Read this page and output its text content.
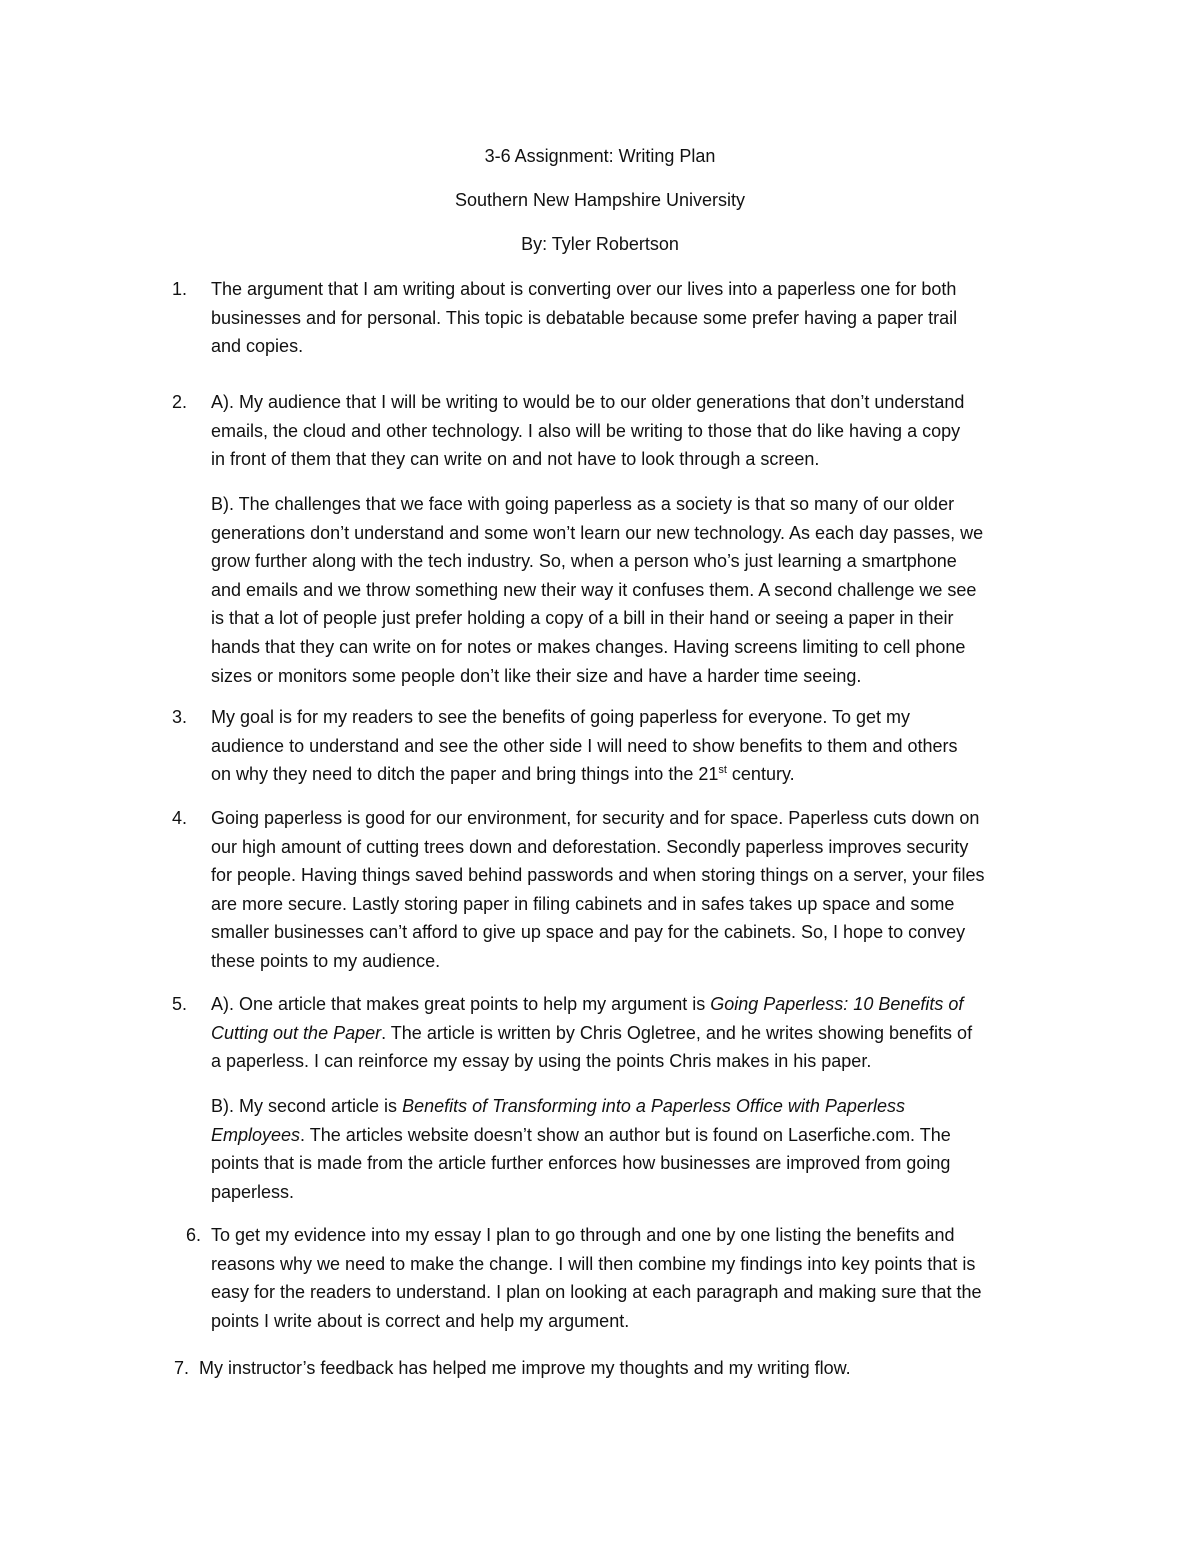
3-6 Assignment: Writing Plan
Southern New Hampshire University
By: Tyler Robertson
1. The argument that I am writing about is converting over our lives into a paperless one for both
businesses and for personal. This topic is debatable because some prefer having a paper trail
and copies.
2. A). My audience that I will be writing to would be to our older generations that don’t understand
emails, the cloud and other technology. I also will be writing to those that do like having a copy
in front of them that they can write on and not have to look through a screen.
B). The challenges that we face with going paperless as a society is that so many of our older
generations don’t understand and some won’t learn our new technology. As each day passes, we
grow further along with the tech industry. So, when a person who’s just learning a smartphone
and emails and we throw something new their way it confuses them. A second challenge we see
is that a lot of people just prefer holding a copy of a bill in their hand or seeing a paper in their
hands that they can write on for notes or makes changes. Having screens limiting to cell phone
sizes or monitors some people don’t like their size and have a harder time seeing.
3. My goal is for my readers to see the benefits of going paperless for everyone. To get my
audience to understand and see the other side I will need to show benefits to them and others
on why they need to ditch the paper and bring things into the 21st century.
4. Going paperless is good for our environment, for security and for space. Paperless cuts down on
our high amount of cutting trees down and deforestation. Secondly paperless improves security
for people. Having things saved behind passwords and when storing things on a server, your files
are more secure. Lastly storing paper in filing cabinets and in safes takes up space and some
smaller businesses can’t afford to give up space and pay for the cabinets. So, I hope to convey
these points to my audience.
5. A). One article that makes great points to help my argument is Going Paperless: 10 Benefits of
Cutting out the Paper. The article is written by Chris Ogletree, and he writes showing benefits of
a paperless. I can reinforce my essay by using the points Chris makes in his paper.
B). My second article is Benefits of Transforming into a Paperless Office with Paperless
Employees. The articles website doesn’t show an author but is found on Laserfiche.com. The
points that is made from the article further enforces how businesses are improved from going
paperless.
6. To get my evidence into my essay I plan to go through and one by one listing the benefits and
reasons why we need to make the change. I will then combine my findings into key points that is
easy for the readers to understand. I plan on looking at each paragraph and making sure that the
points I write about is correct and help my argument.
7. My instructor’s feedback has helped me improve my thoughts and my writing flow.
